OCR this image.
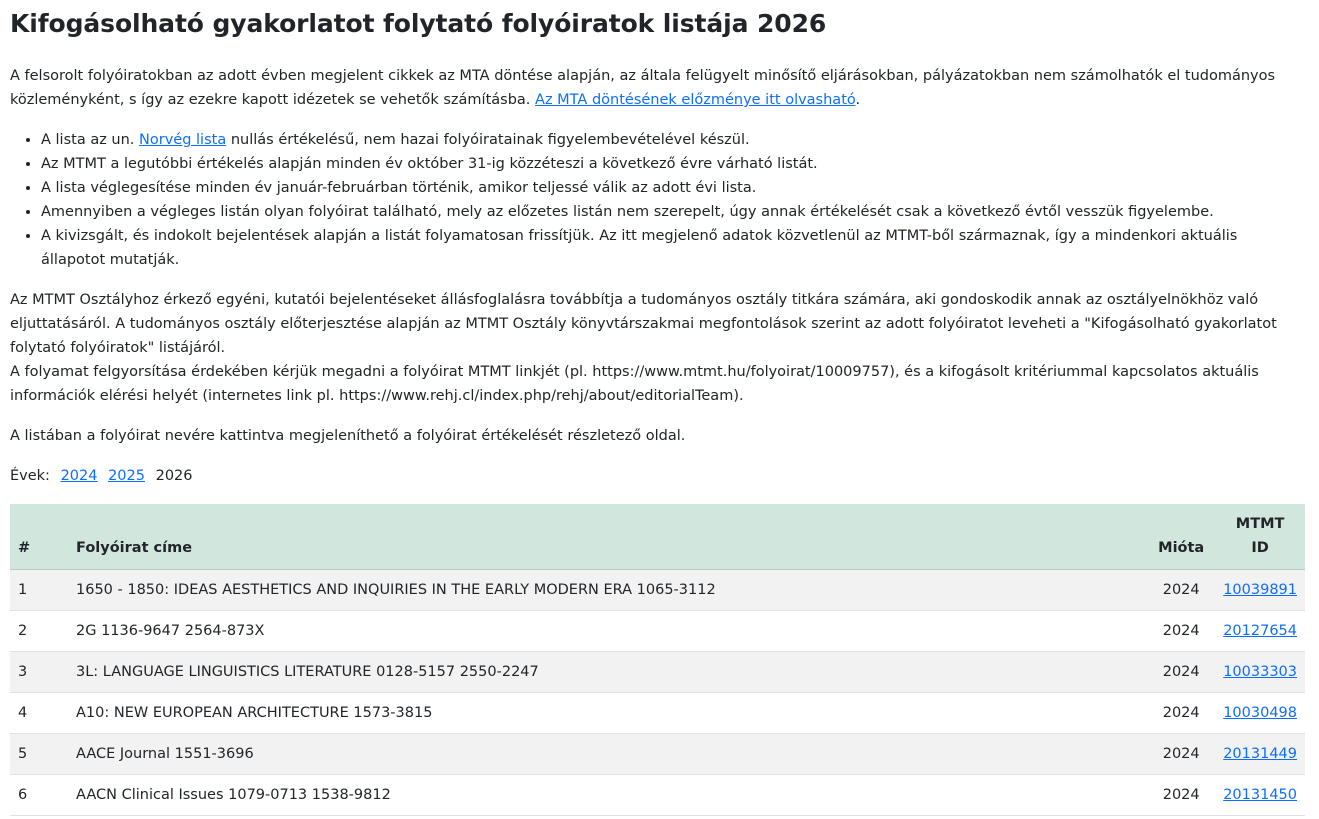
Kifogásolható gyakorlatot folytató folyóiratok listája 2026

A felsorolt folyóiratokban az adott évben megjelent cikkek az MTA döntése alapján, az általa felügyelt minősítő eljárásokban, pályázatokban nem számolhatók el tudományos közleményként, s így az ezekre kapott idézetek se vehetők számításba. Az MTA döntésének előzménye itt olvasható.

• A lista az un. Norvég lista nullás értékelésű, nem hazai folyóiratainak figyelembevételével készül.
• Az MTMT a legutóbbi értékelés alapján minden év október 31-ig közzéteszi a következő évre várható listát.
• A lista véglegesítése minden év január-februárban történik, amikor teljessé válik az adott évi lista.
• Amennyiben a végleges listán olyan folyóirat található, mely az előzetes listán nem szerepelt, úgy annak értékelését csak a következő évtől vesszük figyelembe.
• A kivizsgált, és indokolt bejelentések alapján a listát folyamatosan frissítjük. Az itt megjelenő adatok közvetlenül az MTMT-ből származnak, így a mindenkori aktuális állapotot mutatják.

Az MTMT Osztályhoz érkező egyéni, kutatói bejelentéseket állásfoglalásra továbbítja a tudományos osztály titkára számára, aki gondoskodik annak az osztályelnökhöz való eljuttatásáról. A tudományos osztály előterjesztése alapján az MTMT Osztály könyvtárszakmai megfontolások szerint az adott folyóiratot leveheti a "Kifogásolható gyakorlatot folytató folyóiratok" listájáról.

A folyamat felgyorsítása érdekében kérjük megadni a folyóirat MTMT linkjét (pl. https://www.mtmt.hu/folyoirat/10009757), és a kifogásolt kritériummal kapcsolatos aktuális információk elérési helyét (internetes link pl. https://www.rehj.cl/index.php/rehj/about/editorialTeam).

A listában a folyóirat nevére kattintva megjeleníthető a folyóirat értékelését részletező oldal.

Évek: 2024 2025 2026
#	Folyóirat címe	Mióta	MTMT
ID
1	1650 - 1850: IDEAS AESTHETICS AND INQUIRIES IN THE EARLY MODERN ERA 1065-3112	2024	10039891
2	2G 1136-9647 2564-873X	2024	20127654
3	3L: LANGUAGE LINGUISTICS LITERATURE 0128-5157 2550-2247	2024	10033303
4	A10: NEW EUROPEAN ARCHITECTURE 1573-3815	2024	10030498
5	AACE Journal 1551-3696	2024	20131449
6	AACN Clinical Issues 1079-0713 1538-9812	2024	20131450
